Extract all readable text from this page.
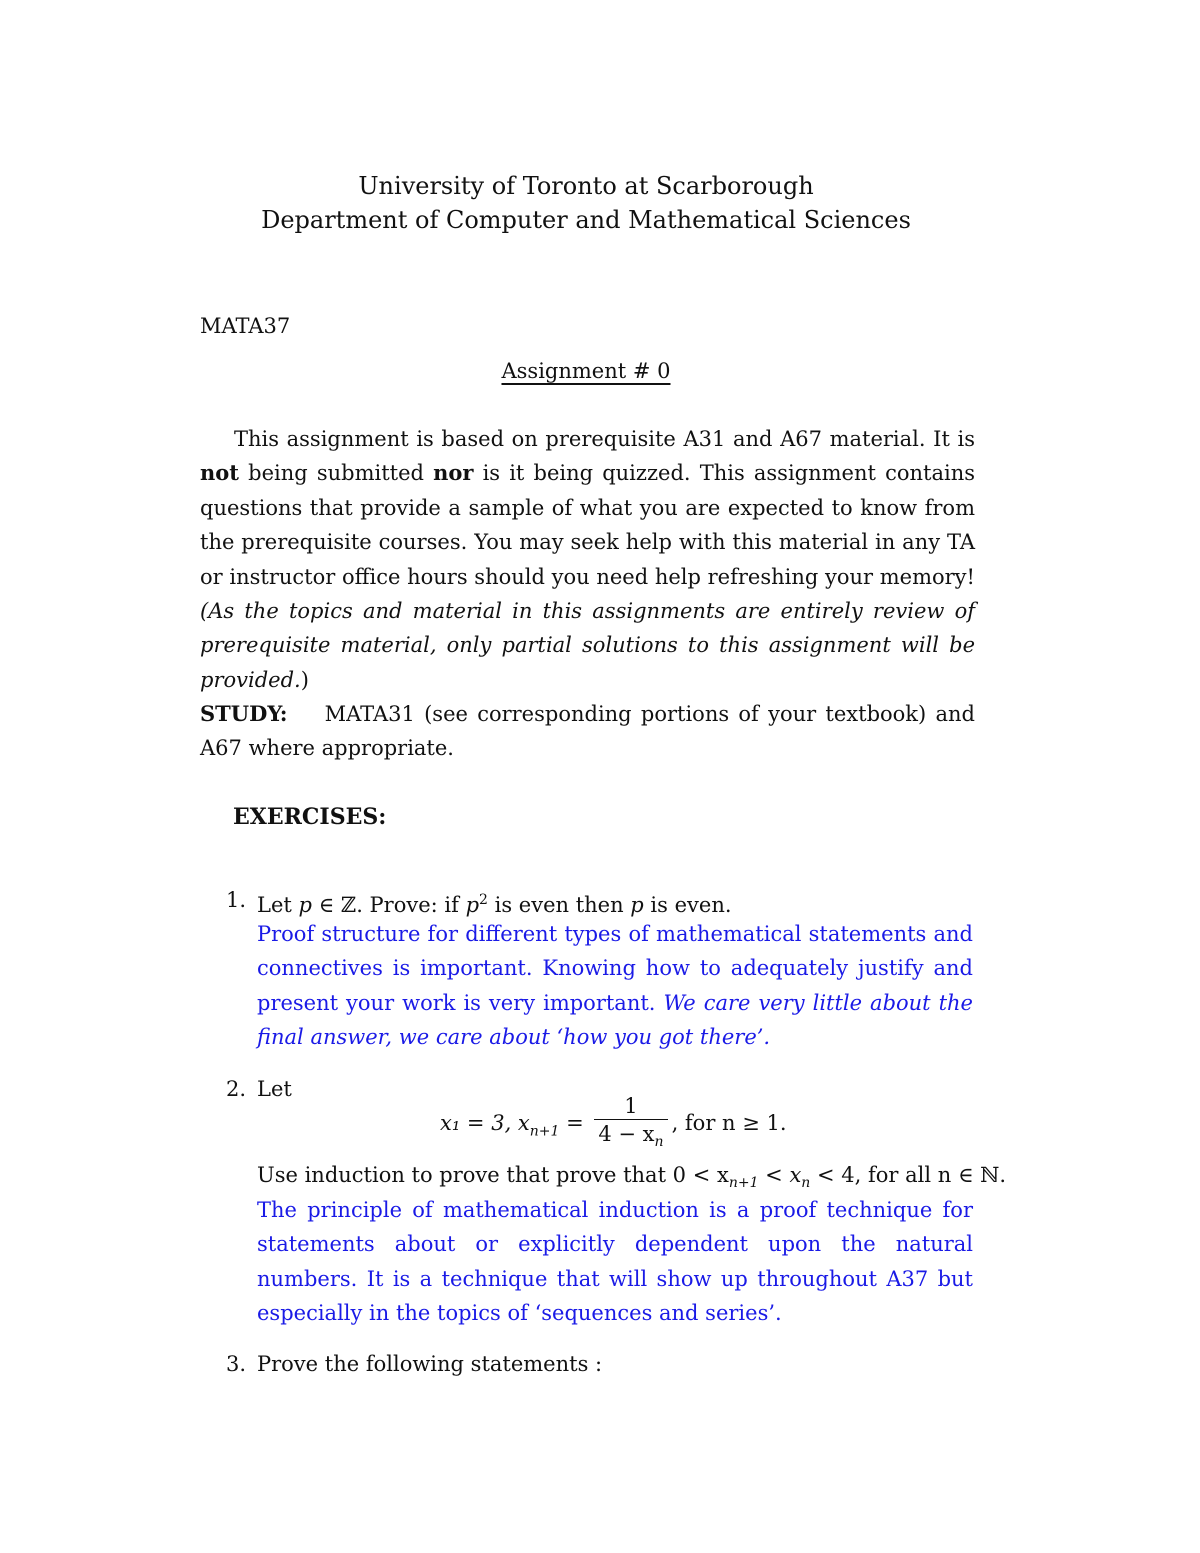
University of Toronto at Scarborough
Department of Computer and Mathematical Sciences
MATA37
Assignment # 0
This assignment is based on prerequisite A31 and A67 material. It is not being submitted nor is it being quizzed. This assignment contains questions that provide a sample of what you are expected to know from the prerequisite courses. You may seek help with this material in any TA or instructor office hours should you need help refreshing your memory! (As the topics and material in this assignments are entirely review of prerequisite material, only partial solutions to this assignment will be provided.)
STUDY: MATA31 (see corresponding portions of your textbook) and A67 where appropriate.
EXERCISES:
1. Let p ∈ ℤ. Prove: if $p^2$ is even then p is even.
Proof structure for different types of mathematical statements and connectives is important. Knowing how to adequately justify and present your work is very important. We care very little about the final answer, we care about ‘how you got there’.
2. Let
x₁ = 3, $x_{n+1} = \frac{1}{4 - x_n}$ , for n ≥ 1.
Use induction to prove that prove that $0 < x_{n+1} < x_n < 4$, for all n ∈ ℕ.
The principle of mathematical induction is a proof technique for statements about or explicitly dependent upon the natural numbers. It is a technique that will show up throughout A37 but especially in the topics of ‘sequences and series’.
3. Prove the following statements :
